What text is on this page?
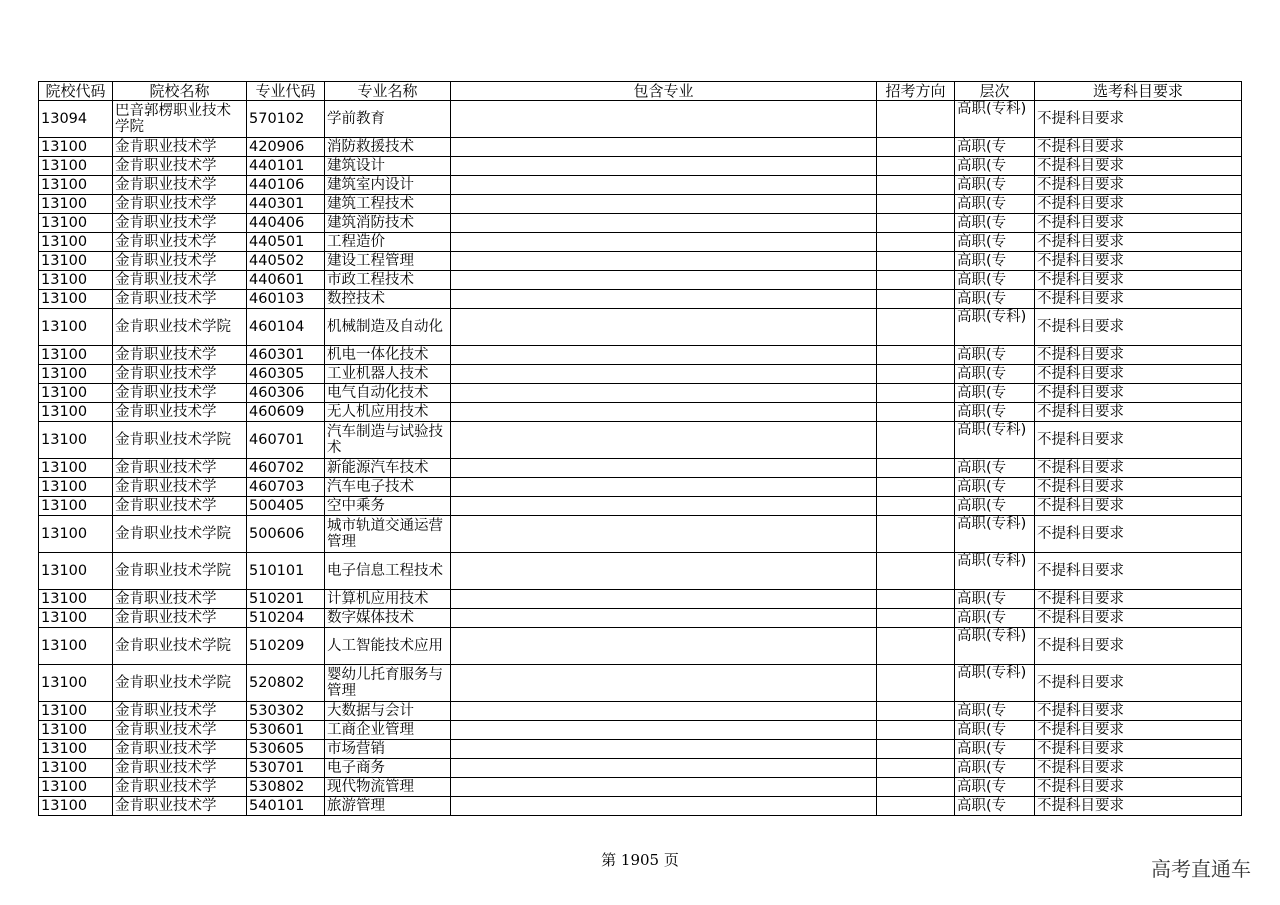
院校代码	院校名称	专业代码	专业名称	包含专业	招考方向	层次	选考科目要求
13094	巴音郭楞职业技术学院	570102	学前教育			高职(专科)	不提科目要求
13100	金肯职业技术学	420906	消防救援技术			高职(专	不提科目要求
13100	金肯职业技术学	440101	建筑设计			高职(专	不提科目要求
13100	金肯职业技术学	440106	建筑室内设计			高职(专	不提科目要求
13100	金肯职业技术学	440301	建筑工程技术			高职(专	不提科目要求
13100	金肯职业技术学	440406	建筑消防技术			高职(专	不提科目要求
13100	金肯职业技术学	440501	工程造价			高职(专	不提科目要求
13100	金肯职业技术学	440502	建设工程管理			高职(专	不提科目要求
13100	金肯职业技术学	440601	市政工程技术			高职(专	不提科目要求
13100	金肯职业技术学	460103	数控技术			高职(专	不提科目要求
13100	金肯职业技术学院	460104	机械制造及自动化			高职(专科)	不提科目要求
13100	金肯职业技术学	460301	机电一体化技术			高职(专	不提科目要求
13100	金肯职业技术学	460305	工业机器人技术			高职(专	不提科目要求
13100	金肯职业技术学	460306	电气自动化技术			高职(专	不提科目要求
13100	金肯职业技术学	460609	无人机应用技术			高职(专	不提科目要求
13100	金肯职业技术学院	460701	汽车制造与试验技术			高职(专科)	不提科目要求
13100	金肯职业技术学	460702	新能源汽车技术			高职(专	不提科目要求
13100	金肯职业技术学	460703	汽车电子技术			高职(专	不提科目要求
13100	金肯职业技术学	500405	空中乘务			高职(专	不提科目要求
13100	金肯职业技术学院	500606	城市轨道交通运营管理			高职(专科)	不提科目要求
13100	金肯职业技术学院	510101	电子信息工程技术			高职(专科)	不提科目要求
13100	金肯职业技术学	510201	计算机应用技术			高职(专	不提科目要求
13100	金肯职业技术学	510204	数字媒体技术			高职(专	不提科目要求
13100	金肯职业技术学院	510209	人工智能技术应用			高职(专科)	不提科目要求
13100	金肯职业技术学院	520802	婴幼儿托育服务与管理			高职(专科)	不提科目要求
13100	金肯职业技术学	530302	大数据与会计			高职(专	不提科目要求
13100	金肯职业技术学	530601	工商企业管理			高职(专	不提科目要求
13100	金肯职业技术学	530605	市场营销			高职(专	不提科目要求
13100	金肯职业技术学	530701	电子商务			高职(专	不提科目要求
13100	金肯职业技术学	530802	现代物流管理			高职(专	不提科目要求
13100	金肯职业技术学	540101	旅游管理			高职(专	不提科目要求
第 1905 页	高考直通车
